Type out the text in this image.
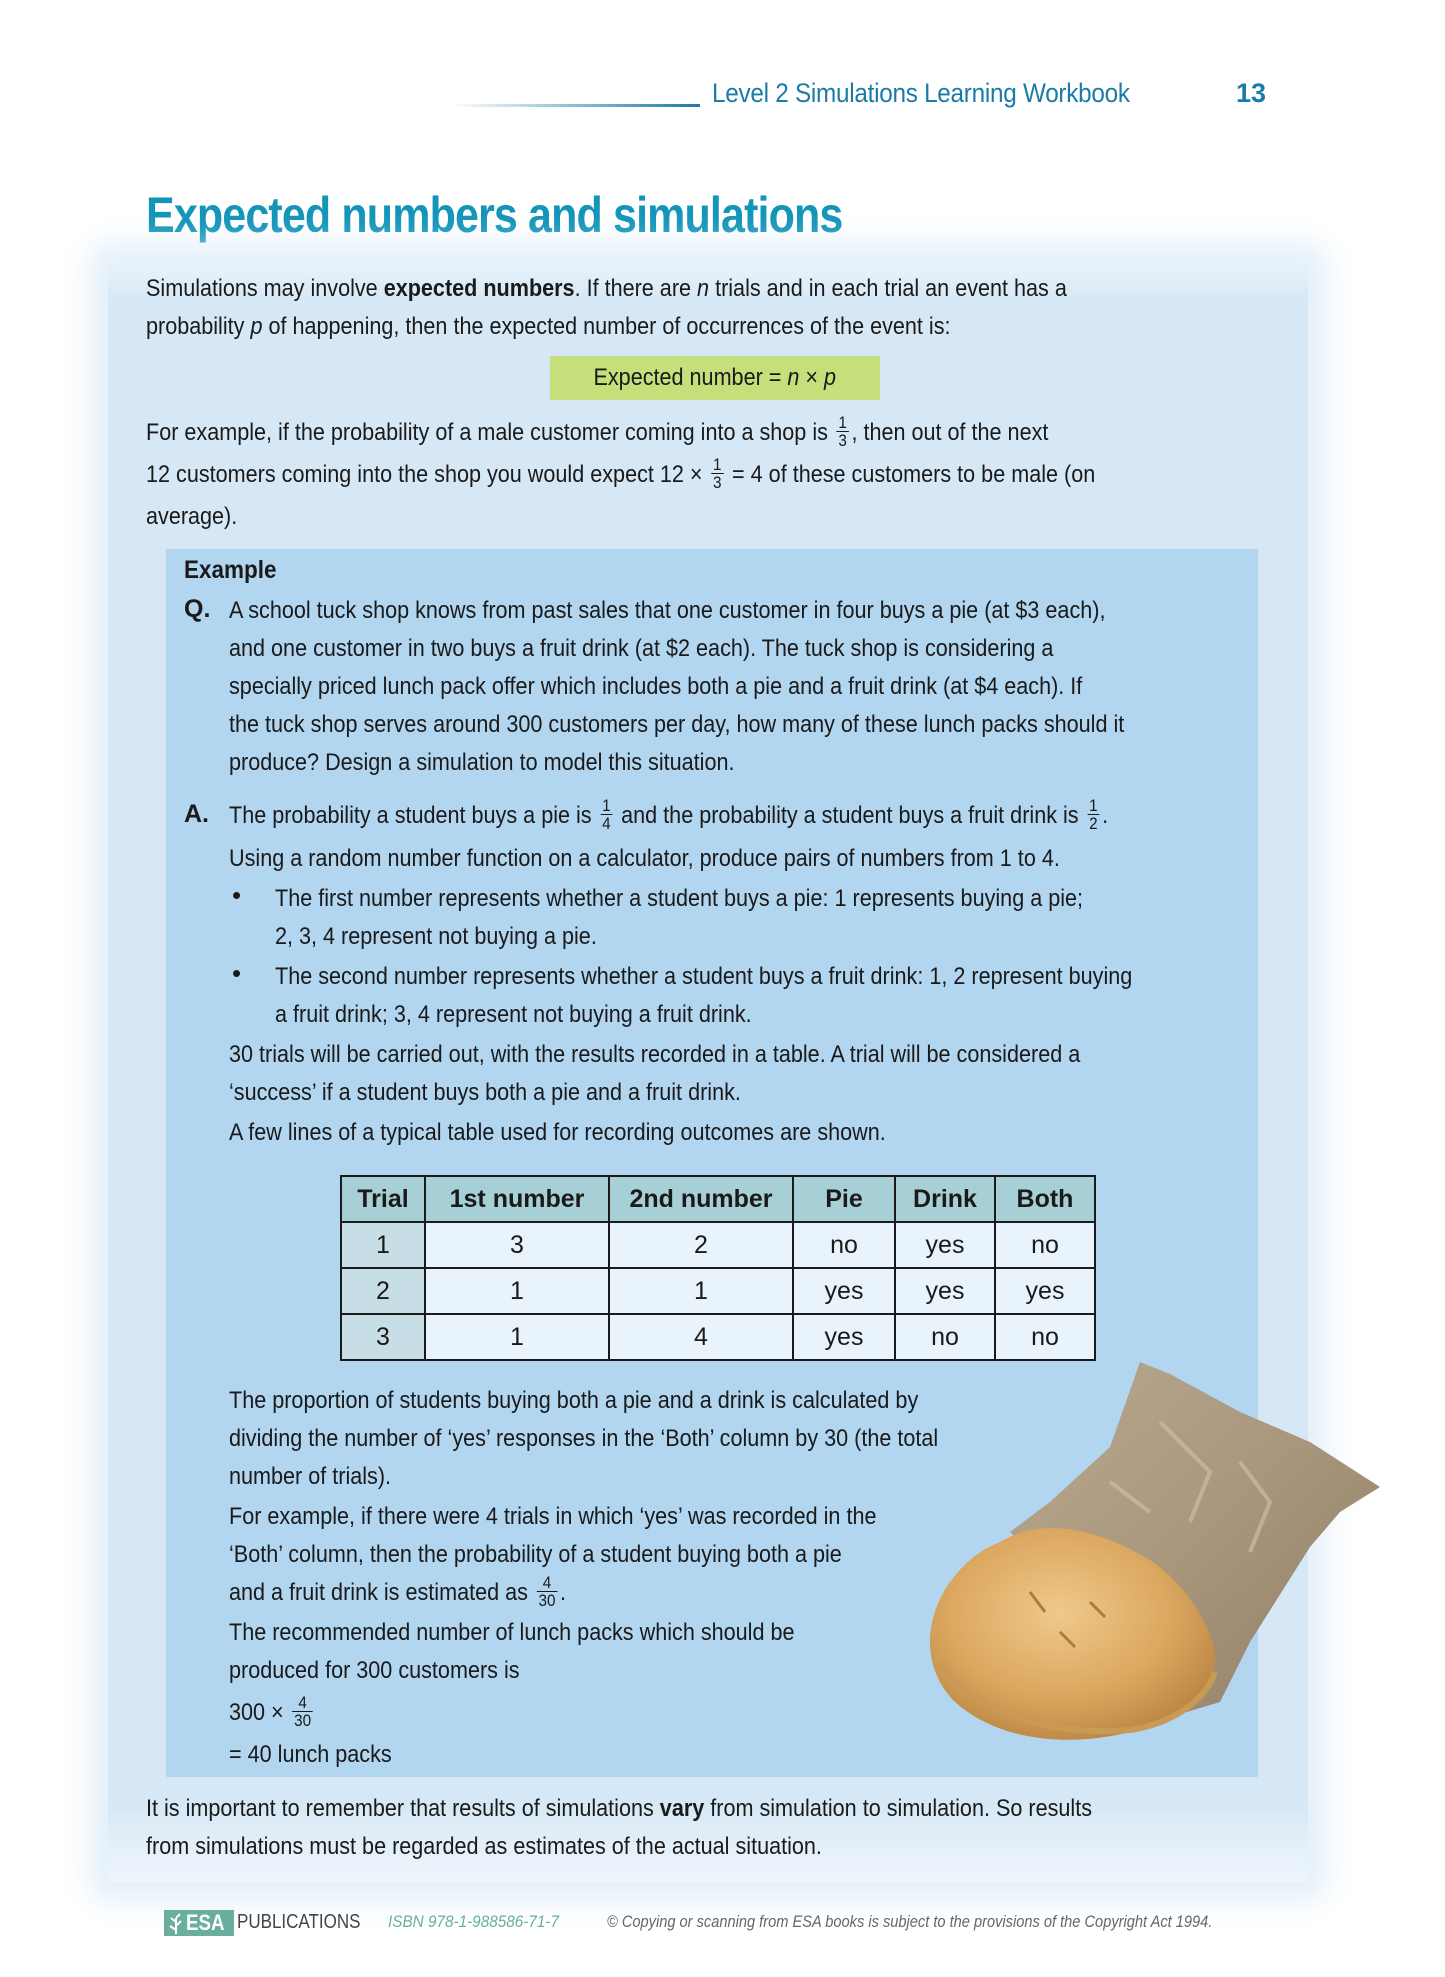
Level 2 Simulations Learning Workbook	13
Expected numbers and simulations
Simulations may involve expected numbers. If there are n trials and in each trial an event has a
probability p of happening, then the expected number of occurrences of the event is:
Expected number = n × p
For example, if the probability of a male customer coming into a shop is $\frac{1}{3}$ , then out of the next
12 customers coming into the shop you would expect $12 \times \frac{1}{3} = 4$ of these customers to be male (on
average).
Example
Q. A school tuck shop knows from past sales that one customer in four buys a pie (at $3 each),
and one customer in two buys a fruit drink (at $2 each). The tuck shop is considering a
specially priced lunch pack offer which includes both a pie and a fruit drink (at $4 each). If
the tuck shop serves around 300 customers per day, how many of these lunch packs should it
produce? Design a simulation to model this situation.
A. The probability a student buys a pie is $\frac{1}{4}$ and the probability a student buys a fruit drink is $\frac{1}{2}$ .
Using a random number function on a calculator, produce pairs of numbers from 1 to 4.
• The first number represents whether a student buys a pie: 1 represents buying a pie;
2, 3, 4 represent not buying a pie.
• The second number represents whether a student buys a fruit drink: 1, 2 represent buying
a fruit drink; 3, 4 represent not buying a fruit drink.
30 trials will be carried out, with the results recorded in a table. A trial will be considered a
‘success’ if a student buys both a pie and a fruit drink.
A few lines of a typical table used for recording outcomes are shown.
Trial	1st number	2nd number	Pie	Drink	Both
1	3	2	no	yes	no
2	1	1	yes	yes	yes
3	1	4	yes	no	no
The proportion of students buying both a pie and a drink is calculated by
dividing the number of ‘yes’ responses in the ‘Both’ column by 30 (the total
number of trials).
For example, if there were 4 trials in which ‘yes’ was recorded in the
‘Both’ column, then the probability of a student buying both a pie
and a fruit drink is estimated as $\frac{4}{30}$ .
The recommended number of lunch packs which should be
produced for 300 customers is
$300 \times \frac{4}{30}$
= 40 lunch packs
It is important to remember that results of simulations vary from simulation to simulation. So results
from simulations must be regarded as estimates of the actual situation.
ESA PUBLICATIONS ISBN 978-1-988586-71-7	© Copying or scanning from ESA books is subject to the provisions of the Copyright Act 1994.
